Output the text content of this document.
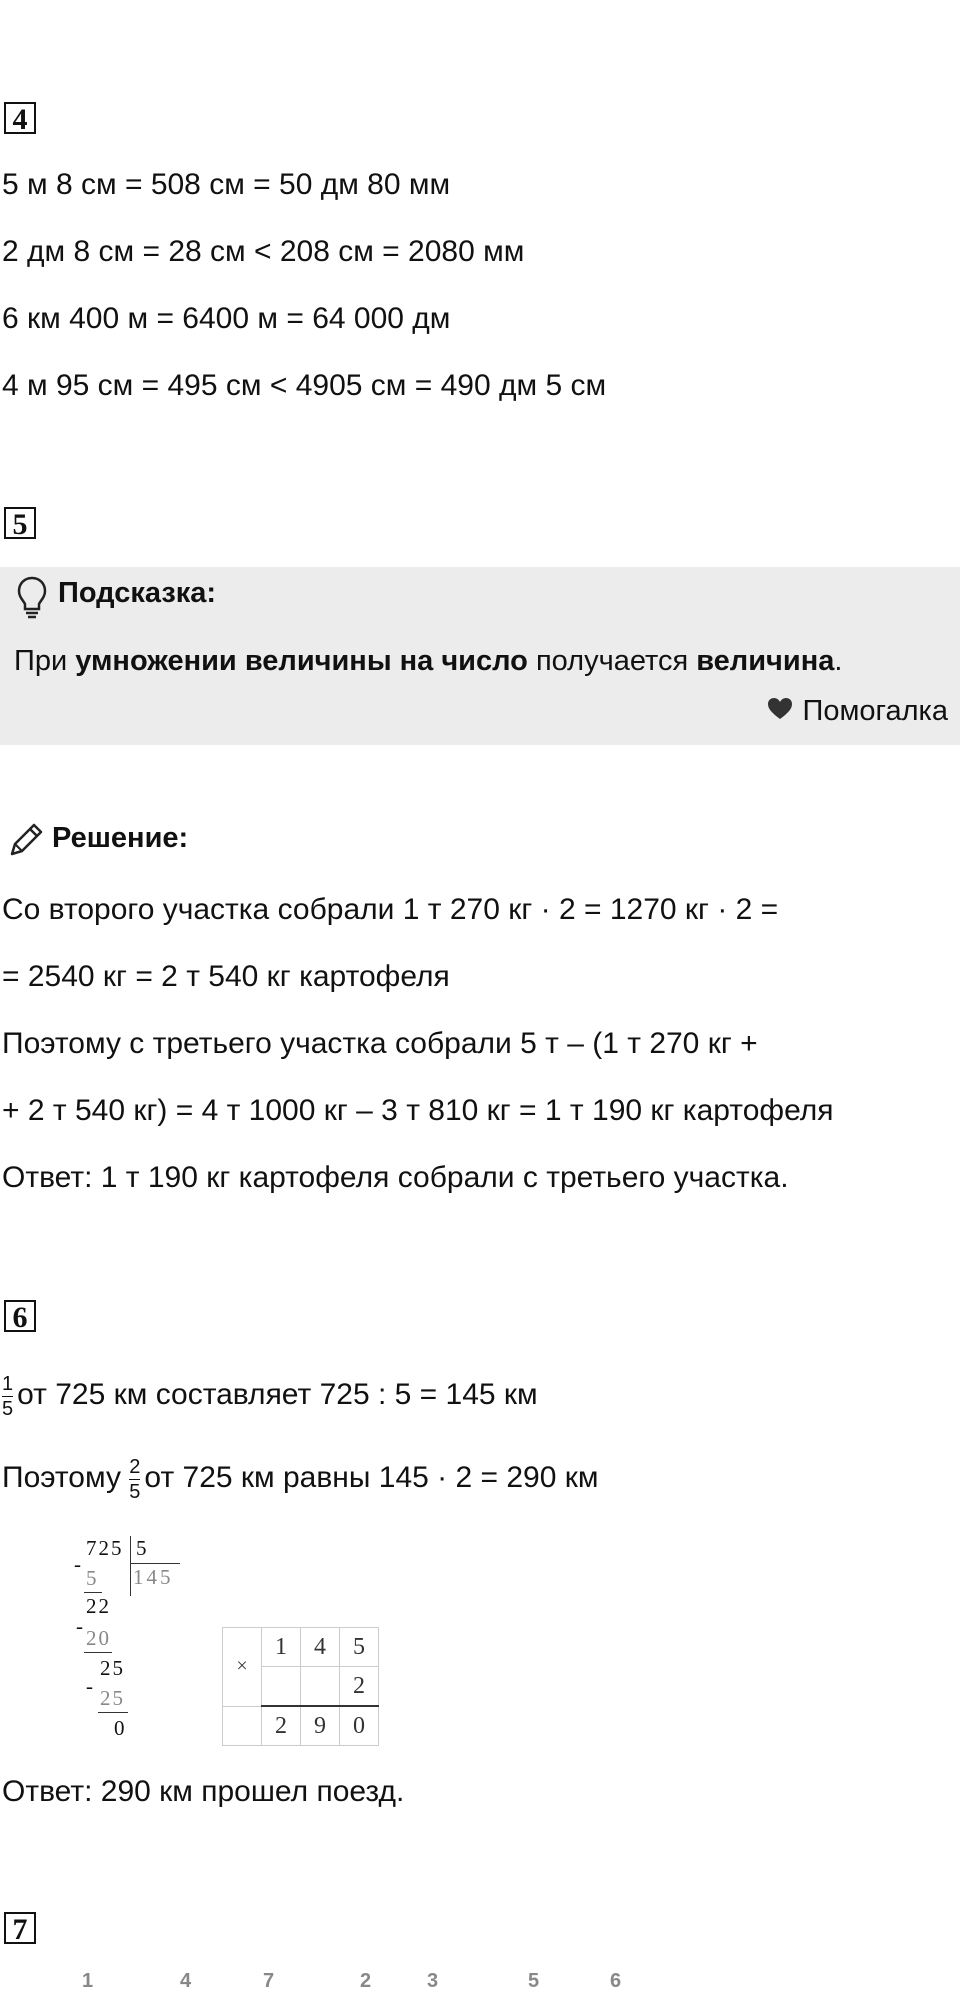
4
5 м 8 см = 508 см = 50 дм 80 мм
2 дм 8 см = 28 см < 208 см = 2080 мм
6 км 400 м = 6400 м = 64 000 дм
4 м 95 см = 495 см < 4905 см = 490 дм 5 см
5
Подсказка:
При умножении величины на число получается величина.
Помогалка
Решение:
Со второго участка собрали 1 т 270 кг · 2 = 1270 кг · 2 =
= 2540 кг = 2 т 540 кг картофеля
Поэтому с третьего участка собрали 5 т – (1 т 270 кг +
+ 2 т 540 кг) = 4 т 1000 кг – 3 т 810 кг = 1 т 190 кг картофеля
Ответ: 1 т 190 кг картофеля собрали с третьего участка.
6
$\frac{1}{5}$ от 725 км составляет 725 : 5 = 145 км
Поэтому $\frac{2}{5}$ от 725 км равны 145 · 2 = 290 км
-
725 5
145
5
22
- 20
25
- 25
0
×	1	4	5
			2
	2	9	0
Ответ: 290 км прошел поезд.
7
1	4	7	2	3	5	6
